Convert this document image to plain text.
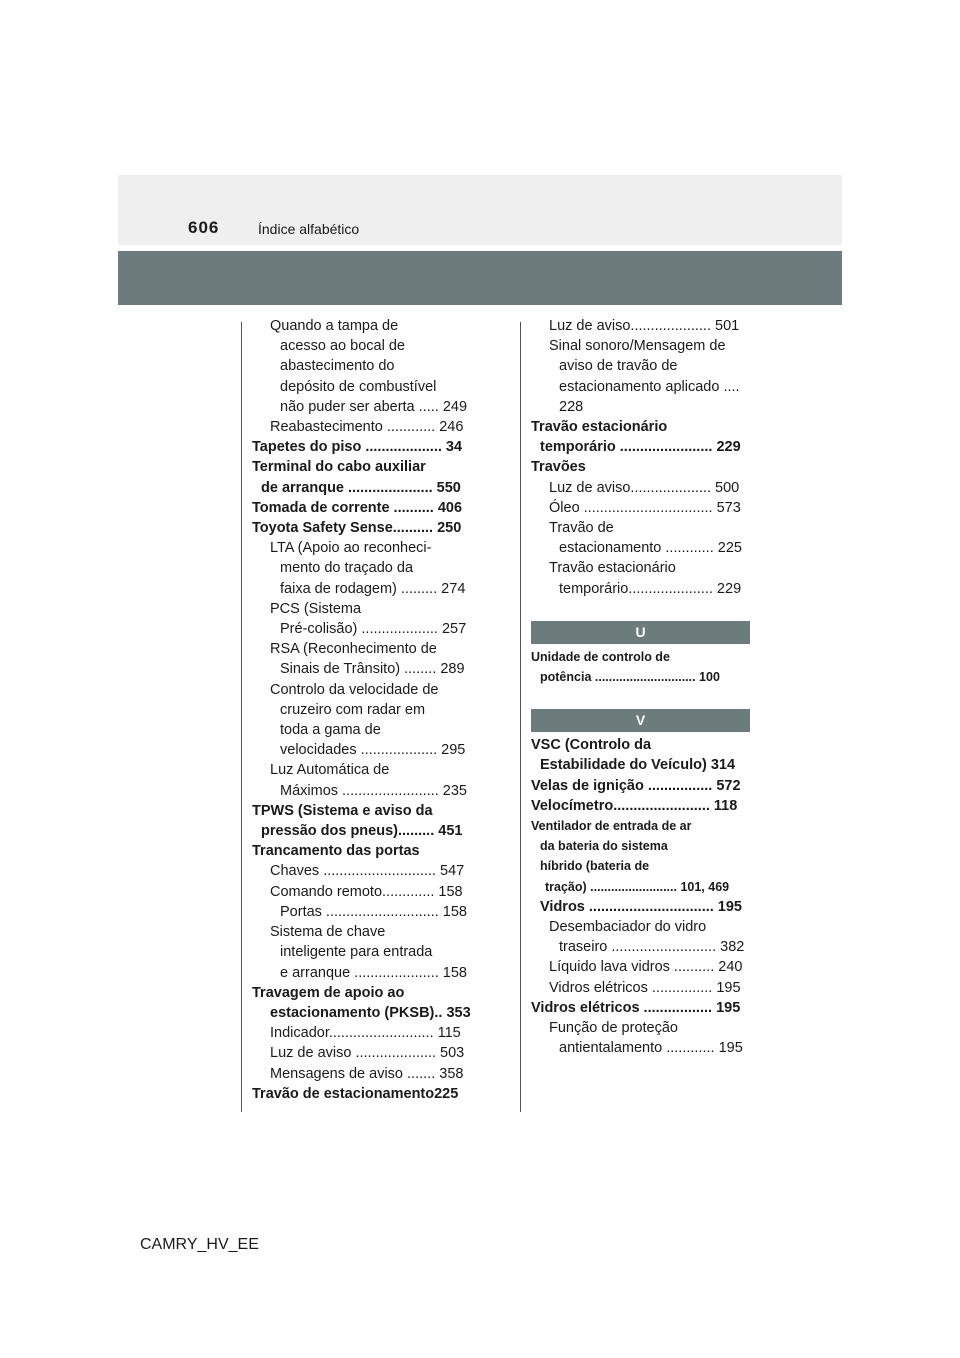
606	Índice alfabético
Quando a tampa de
acesso ao bocal de
abastecimento do
depósito de combustível
não puder ser aberta ..... 249
Reabastecimento ............ 246
Tapetes do piso ................... 34
Terminal do cabo auxiliar
de arranque ..................... 550
Tomada de corrente .......... 406
Toyota Safety Sense.......... 250
LTA (Apoio ao reconheci-
mento do traçado da
faixa de rodagem) ......... 274
PCS (Sistema
Pré-colisão) ................... 257
RSA (Reconhecimento de
Sinais de Trânsito) ........ 289
Controlo da velocidade de
cruzeiro com radar em
toda a gama de
velocidades ................... 295
Luz Automática de
Máximos ........................ 235
TPWS (Sistema e aviso da
pressão dos pneus)......... 451
Trancamento das portas
Chaves ............................ 547
Comando remoto............. 158
Portas ............................ 158
Sistema de chave
inteligente para entrada
e arranque ..................... 158
Travagem de apoio ao
estacionamento (PKSB).. 353
Indicador.......................... 115
Luz de aviso .................... 503
Mensagens de aviso ....... 358
Travão de estacionamento225
Luz de aviso.................... 501
Sinal sonoro/Mensagem de
aviso de travão de
estacionamento aplicado ....
228
Travão estacionário
temporário ....................... 229
Travões
Luz de aviso.................... 500
Óleo ................................ 573
Travão de
estacionamento ............ 225
Travão estacionário
temporário..................... 229
U
Unidade de controlo de
potência ............................. 100
V
VSC (Controlo da
Estabilidade do Veículo) 314
Velas de ignição ................ 572
Velocímetro........................ 118
Ventilador de entrada de ar
da bateria do sistema
híbrido (bateria de
tração) ......................... 101, 469
Vidros ............................... 195
Desembaciador do vidro
traseiro .......................... 382
Líquido lava vidros .......... 240
Vidros elétricos ............... 195
Vidros elétricos ................. 195
Função de proteção
antientalamento ............ 195
CAMRY_HV_EE
